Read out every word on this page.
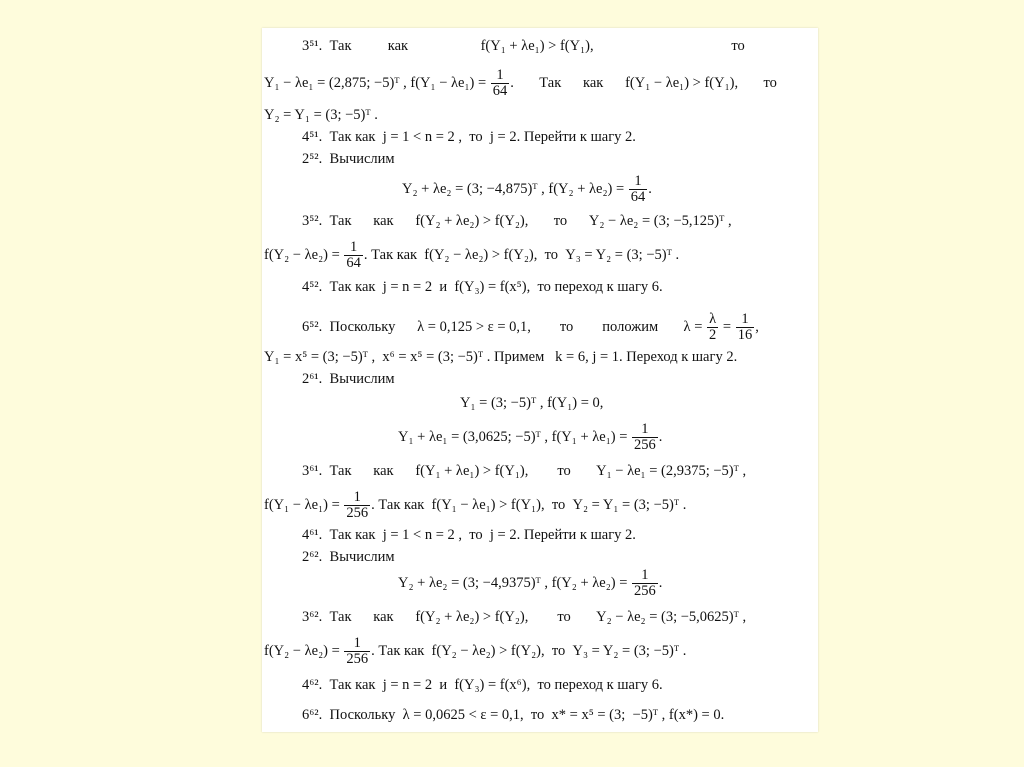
3⁵¹. Так          как                    f(Y₁ + λe₁) > f(Y₁),                                      то
Y₁ − λe₁ = (2,875; −5)ᵀ , $f(Y_1 - \lambda e_1) = \frac{1}{64}$ .       Так      как      f(Y₁ − λe₁) > f(Y₁),       то
Y₂ = Y₁ = (3; −5)ᵀ .
4⁵¹. Так как  j = 1 < n = 2 ,  то  j = 2. Перейти к шагу 2.
2⁵². Вычислим
Y₂ + λe₂ = (3; −4,875)ᵀ , $f(Y_2 + \lambda e_2) = \frac{1}{64}$ .
3⁵². Так      как      f(Y₂ + λe₂) > f(Y₂),       то      Y₂ − λe₂ = (3; −5,125)ᵀ ,
$f(Y_2 - \lambda e_2) = \frac{1}{64}$ . Так как  f(Y₂ − λe₂) > f(Y₂),  то  Y₃ = Y₂ = (3; −5)ᵀ .
4⁵². Так как  j = n = 2  и  f(Y₃) = f(x⁵),  то переход к шагу 6.
6⁵². Поскольку      λ = 0,125 > ε = 0,1,        то        положим       $\lambda = \frac{\lambda}{2} = \frac{1}{16}$ ,
Y₁ = x⁵ = (3; −5)ᵀ ,  x⁶ = x⁵ = (3; −5)ᵀ . Примем   k = 6, j = 1. Переход к шагу 2.
2⁶¹. Вычислим
Y₁ = (3; −5)ᵀ , f(Y₁) = 0,
Y₁ + λe₁ = (3,0625; −5)ᵀ , $f(Y_1 + \lambda e_1) = \frac{1}{256}$ .
3⁶¹. Так      как      f(Y₁ + λe₁) > f(Y₁),        то       Y₁ − λe₁ = (2,9375; −5)ᵀ ,
$f(Y_1 - \lambda e_1) = \frac{1}{256}$ . Так как  f(Y₁ − λe₁) > f(Y₁),  то  Y₂ = Y₁ = (3; −5)ᵀ .
4⁶¹. Так как  j = 1 < n = 2 ,  то  j = 2. Перейти к шагу 2.
2⁶². Вычислим
Y₂ + λe₂ = (3; −4,9375)ᵀ , $f(Y_2 + \lambda e_2) = \frac{1}{256}$ .
3⁶². Так      как      f(Y₂ + λe₂) > f(Y₂),        то       Y₂ − λe₂ = (3; −5,0625)ᵀ ,
$f(Y_2 - \lambda e_2) = \frac{1}{256}$ . Так как  f(Y₂ − λe₂) > f(Y₂),  то  Y₃ = Y₂ = (3; −5)ᵀ .
4⁶². Так как  j = n = 2  и  f(Y₃) = f(x⁶),  то переход к шагу 6.
6⁶². Поскольку  λ = 0,0625 < ε = 0,1,  то  x* = x⁵ = (3;  −5)ᵀ , f(x*) = 0.
